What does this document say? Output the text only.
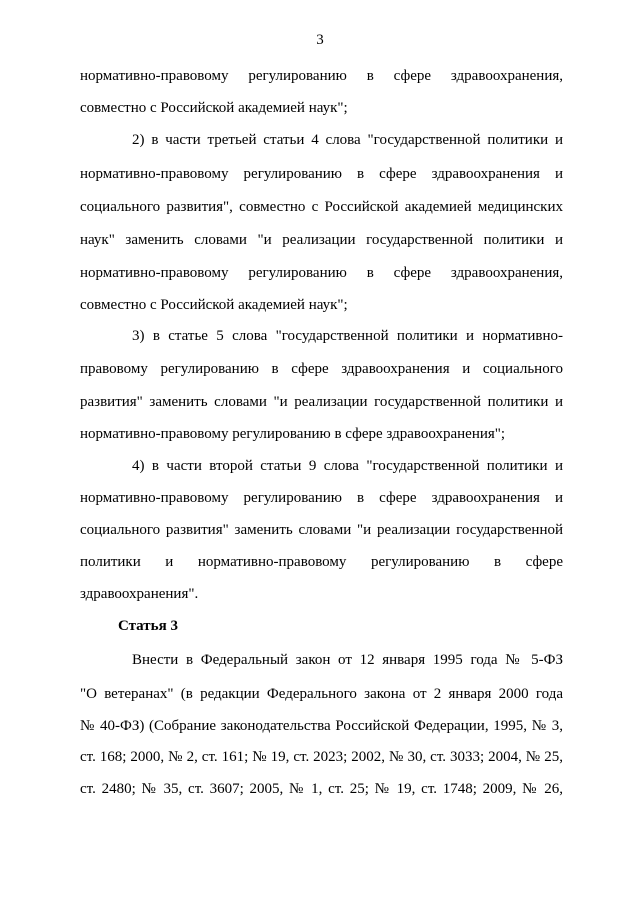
3
нормативно-правовому регулированию в сфере здравоохранения,
совместно с Российской академией наук";
2) в части третьей статьи 4 слова "государственной политики и
нормативно-правовому регулированию в сфере здравоохранения и
социального развития", совместно с Российской академией медицинских
наук" заменить словами "и реализации государственной политики и
нормативно-правовому регулированию в сфере здравоохранения,
совместно с Российской академией наук";
3) в статье 5 слова "государственной политики и нормативно-
правовому регулированию в сфере здравоохранения и социального
развития" заменить словами "и реализации государственной политики и
нормативно-правовому регулированию в сфере здравоохранения";
4) в части второй статьи 9 слова "государственной политики и
нормативно-правовому регулированию в сфере здравоохранения и
социального развития" заменить словами "и реализации государственной
политики и нормативно-правовому регулированию в сфере
здравоохранения".
Статья 3
Внести в Федеральный закон от 12 января 1995 года № 5-ФЗ
"О ветеранах" (в редакции Федерального закона от 2 января 2000 года
№ 40-ФЗ) (Собрание законодательства Российской Федерации, 1995, № 3,
ст. 168; 2000, № 2, ст. 161; № 19, ст. 2023; 2002, № 30, ст. 3033; 2004, № 25,
ст. 2480; № 35, ст. 3607; 2005, № 1, ст. 25; № 19, ст. 1748; 2009, № 26,
